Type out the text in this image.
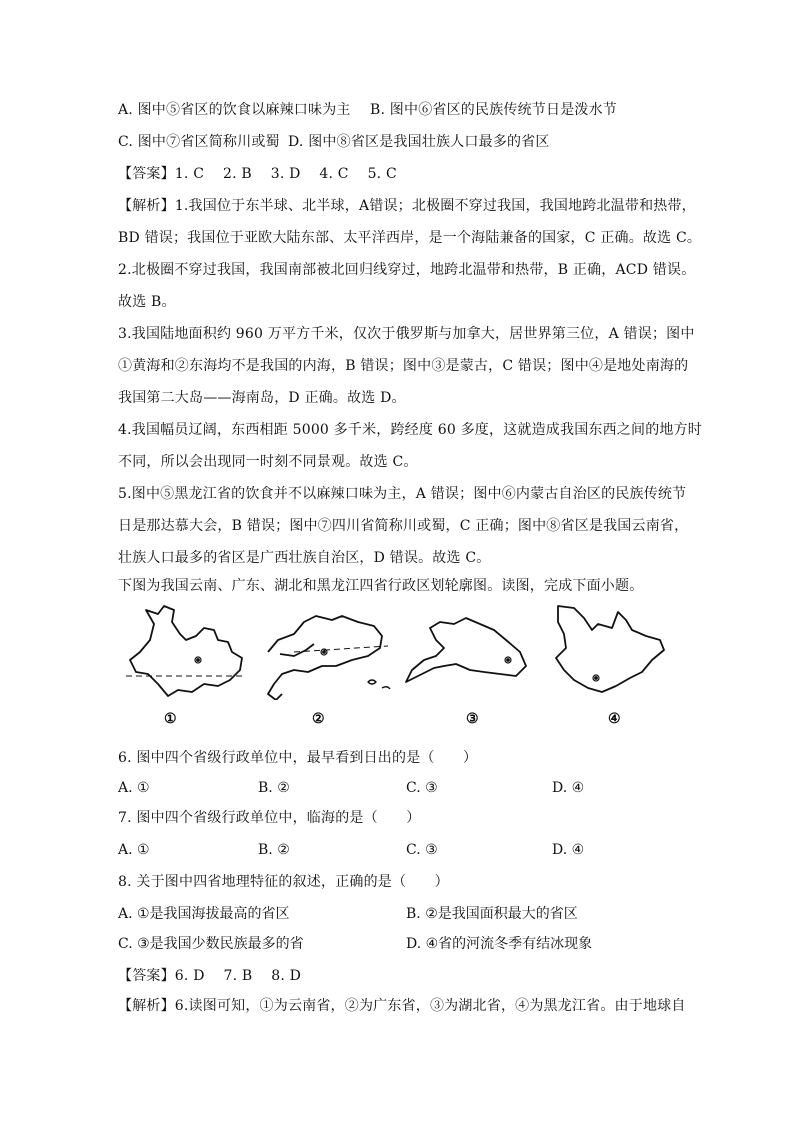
A. 图中⑤省区的饮食以麻辣口味为主 B. 图中⑥省区的民族传统节日是泼水节
C. 图中⑦省区简称川或蜀 D. 图中⑧省区是我国壮族人口最多的省区
【答案】1. C　 2. B　 3. D　 4. C　 5. C
【解析】1.我国位于东半球、北半球，A错误；北极圈不穿过我国，我国地跨北温带和热带，
BD 错误；我国位于亚欧大陆东部、太平洋西岸，是一个海陆兼备的国家，C 正确。故选 C。
2.北极圈不穿过我国，我国南部被北回归线穿过，地跨北温带和热带，B 正确，ACD 错误。
故选 B。
3.我国陆地面积约 960 万平方千米，仅次于俄罗斯与加拿大，居世界第三位，A 错误；图中
①黄海和②东海均不是我国的内海，B 错误；图中③是蒙古，C 错误；图中④是地处南海的
我国第二大岛——海南岛，D 正确。故选 D。
4.我国幅员辽阔，东西相距 5000 多千米，跨经度 60 多度，这就造成我国东西之间的地方时
不同，所以会出现同一时刻不同景观。故选 C。
5.图中⑤黑龙江省的饮食并不以麻辣口味为主，A 错误；图中⑥内蒙古自治区的民族传统节
日是那达慕大会，B 错误；图中⑦四川省简称川或蜀，C 正确；图中⑧省区是我国云南省，
壮族人口最多的省区是广西壮族自治区，D 错误。故选 C。
下图为我国云南、广东、湖北和黑龙江四省行政区划轮廓图。读图，完成下面小题。
①	②	③	④
6. 图中四个省级行政单位中，最早看到日出的是（　　）
A. ①	B. ②	C. ③	D. ④
7. 图中四个省级行政单位中，临海的是（　　）
A. ①	B. ②	C. ③	D. ④
8. 关于图中四省地理特征的叙述，正确的是（　　）
A. ①是我国海拔最高的省区	B. ②是我国面积最大的省区
C. ③是我国少数民族最多的省	D. ④省的河流冬季有结冰现象
【答案】6. D　 7. B　 8. D
【解析】6.读图可知，①为云南省，②为广东省，③为湖北省，④为黑龙江省。由于地球自
